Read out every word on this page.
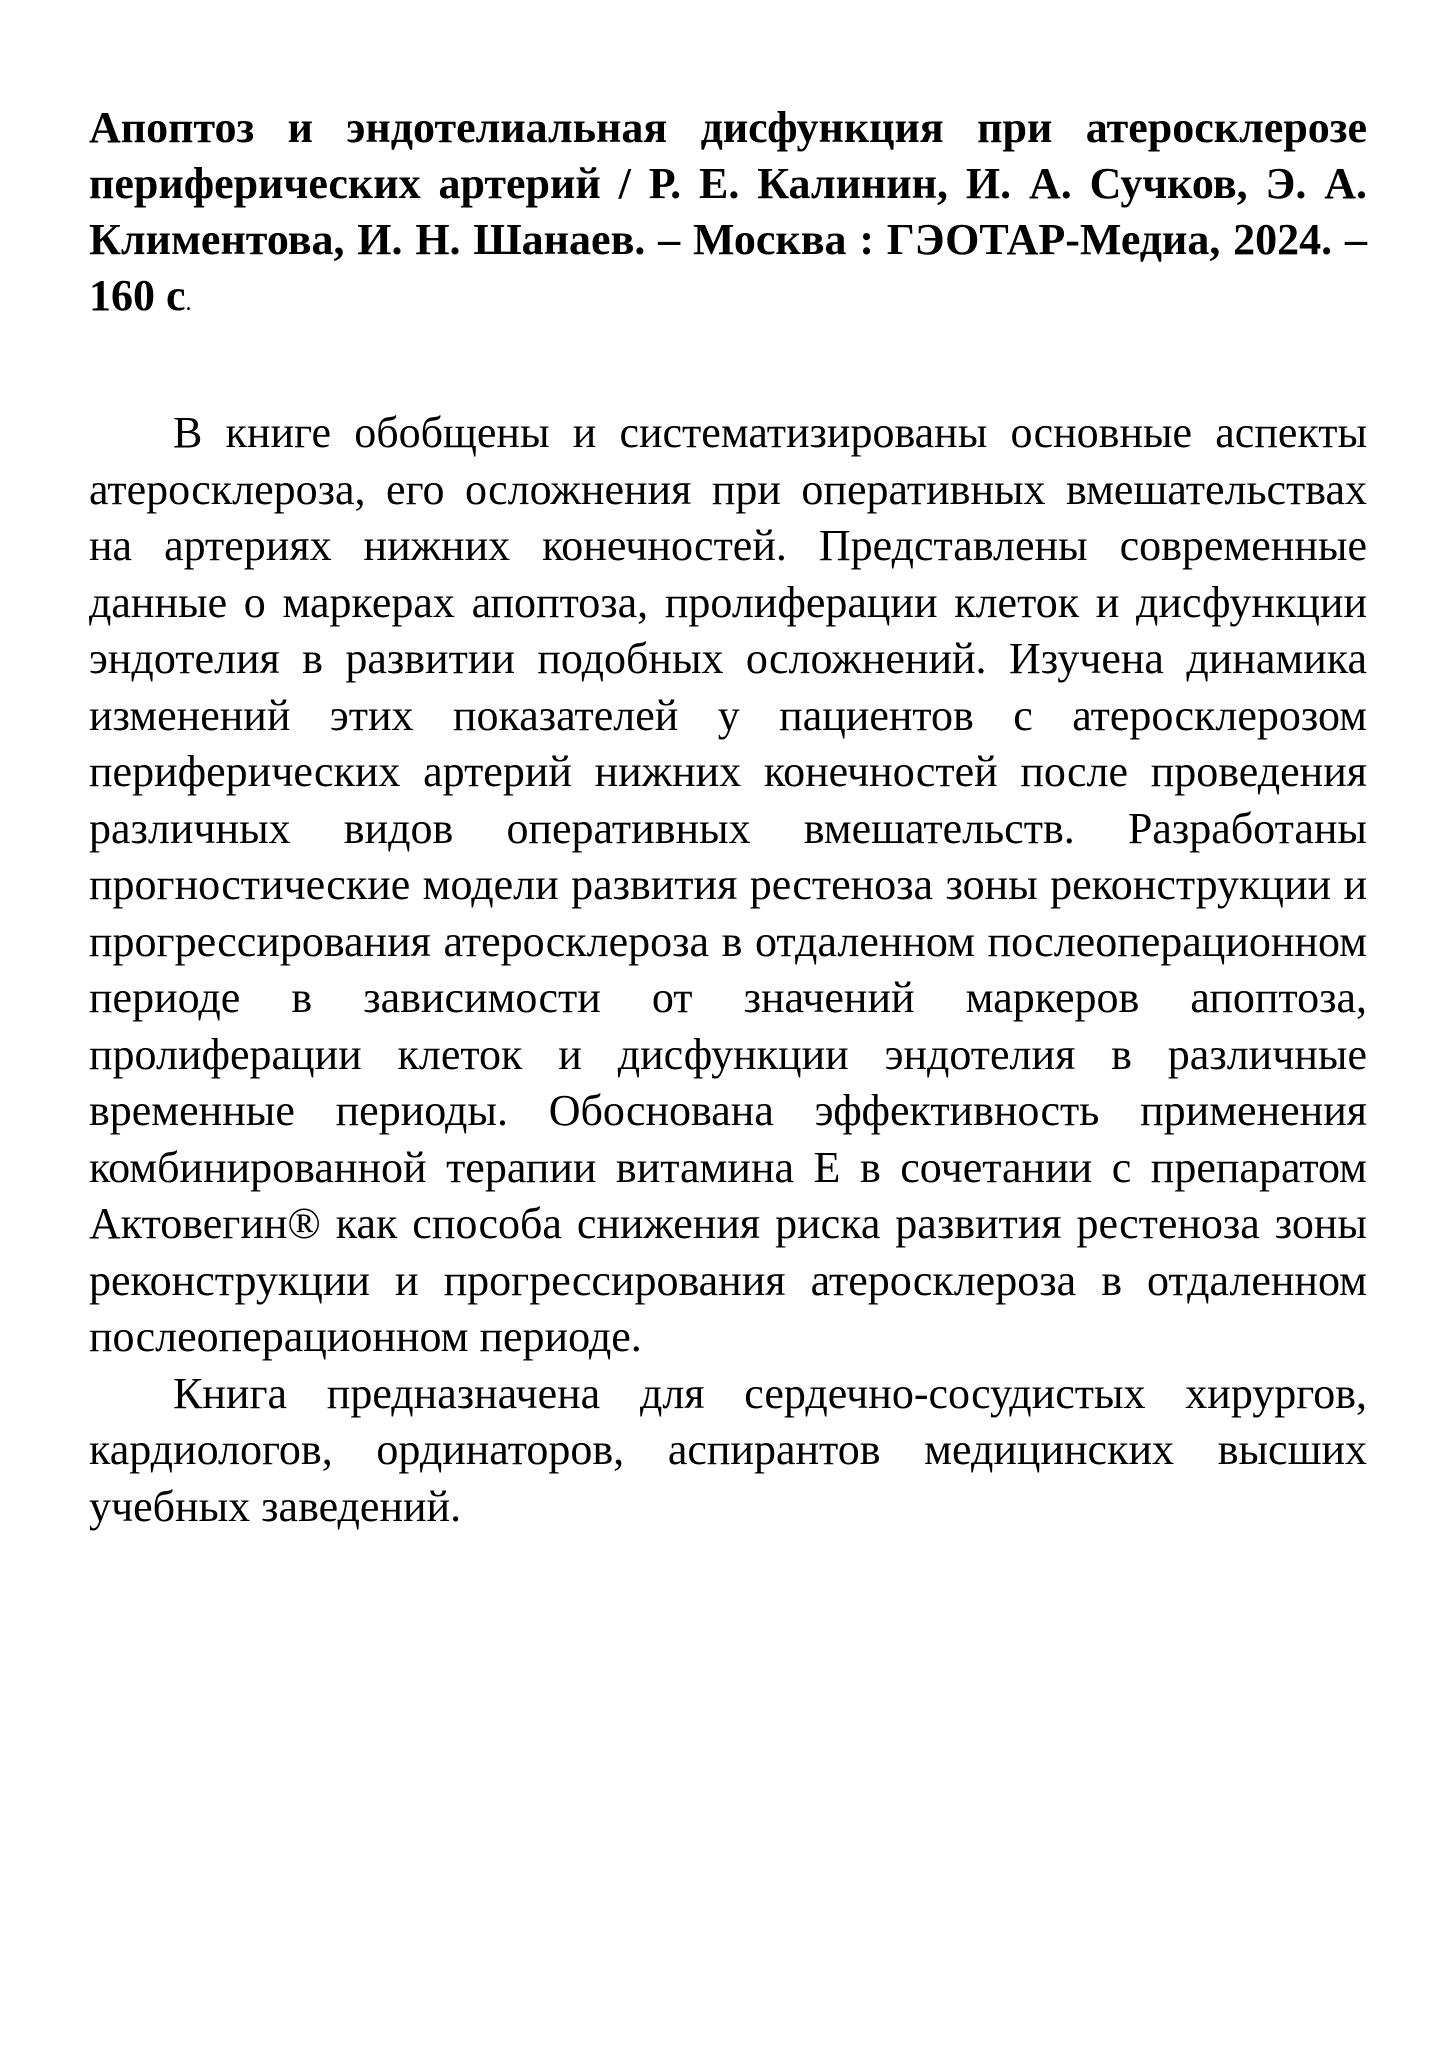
Апоптоз и эндотелиальная дисфункция при атеросклерозе периферических артерий / Р. Е. Калинин, И. А. Сучков, Э. А. Климентова, И. Н. Шанаев. – Москва : ГЭОТАР-Медиа, 2024. – 160 с.

В книге обобщены и систематизированы основные аспекты атеросклероза, его осложнения при оперативных вмешательствах на артериях нижних конечностей. Представлены современные данные о маркерах апоптоза, пролиферации клеток и дисфункции эндотелия в развитии подобных осложнений. Изучена динамика изменений этих показателей у пациентов с атеросклерозом периферических артерий нижних конечностей после проведения различных видов оперативных вмешательств. Разработаны прогностические модели развития рестеноза зоны реконструкции и прогрессирования атеросклероза в отдаленном послеоперационном периоде в зависимости от значений маркеров апоптоза, пролиферации клеток и дисфункции эндотелия в различные временные периоды. Обоснована эффективность применения комбинированной терапии витамина Е в сочетании с препаратом Актовегин® как способа снижения риска развития рестеноза зоны реконструкции и прогрессирования атеросклероза в отдаленном послеоперационном периоде.

Книга предназначена для сердечно-сосудистых хирургов, кардиологов, ординаторов, аспирантов медицинских высших учебных заведений.
